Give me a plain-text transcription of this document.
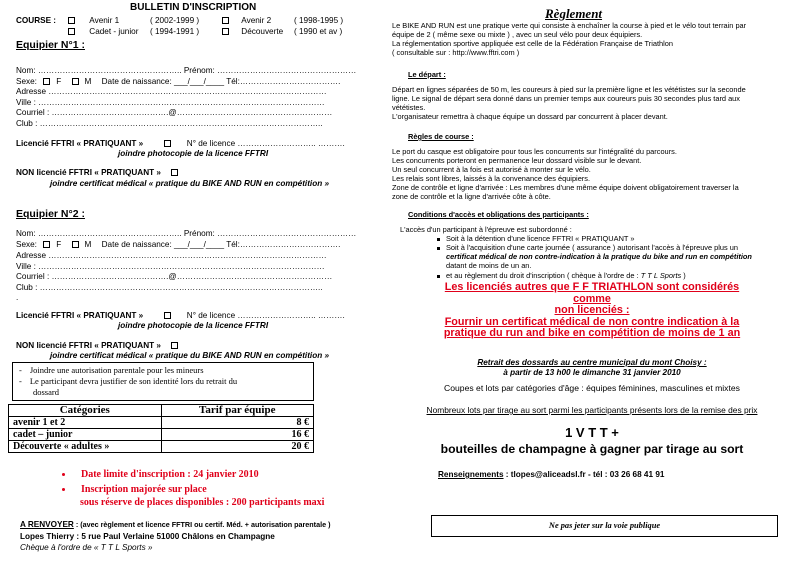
BULLETIN D'INSCRIPTION
COURSE :	Avenir 1	( 2002-1999 )	Avenir 2	( 1998-1995 )
Cadet - junior ( 1994-1991 )	Découverte ( 1990 et av )
Equipier N°1 :
Nom: …………………………………………….. Prénom: ……………………………………………
Sexe: F	M Date de naissance: ___/___/____ Tél:……………………………….
Adresse …………………………………………………………………………………………
Ville : ……………………………………………………………………………………………
Courriel : …………………………………….@…………………………………………………
Club : …………………………………………………………………………………………..
Licencié FFTRI « PRATIQUANT »	N° de licence ……………………….. ……….
joindre photocopie de la licence FFTRI
NON licencié FFTRI « PRATIQUANT »
joindre certificat médical « pratique du BIKE AND RUN en compétition »
Equipier N°2 :
Nom: …………………………………………….. Prénom: ……………………………………………
Sexe: F	M Date de naissance: ___/___/____ Tél:……………………………….
Adresse …………………………………………………………………………………………
Ville : ……………………………………………………………………………………………
Courriel : …………………………………….@…………………………………………………
Club : …………………………………………………………………………………………..
.
Licencié FFTRI « PRATIQUANT »	N° de licence ……………………….. ……….
joindre photocopie de la licence FFTRI
NON licencié FFTRI « PRATIQUANT »
joindre certificat médical « pratique du BIKE AND RUN en compétition »
- Joindre une autorisation parentale pour les mineurs
- Le participant devra justifier de son identité lors du retrait du
dossard
Catégories	Tarif par équipe
avenir 1 et 2	8 €
cadet – junior	16 €
Découverte « adultes »	20 €
Date limite d'inscription : 24 janvier 2010
Inscription majorée sur place
sous réserve de places disponibles : 200 participants maxi
A RENVOYER : (avec règlement et licence FFTRI ou certif. Méd. + autorisation parentale )
Lopes Thierry : 5 rue Paul Verlaine 51000 Châlons en Champagne
Chèque à l'ordre de « T T L Sports »
Règlement
Le BIKE AND RUN est une pratique verte qui consiste à enchaîner la course à pied et le vélo tout terrain par
équipe de 2 ( même sexe ou mixte ) , avec un seul vélo pour deux équipiers.
La réglementation sportive appliquée est celle de la Fédération Française de Triathlon
( consultable sur : http://www.fftri.com )
Le départ :
Départ en lignes séparées de 50 m, les coureurs à pied sur la première ligne et les vététistes sur la seconde
ligne. Le signal de départ sera donné dans un premier temps aux coureurs puis 30 secondes plus tard aux
vététistes.
L'organisateur remettra à chaque équipe un dossard par concurrent à placer devant.
Règles de course :
Le port du casque est obligatoire pour tous les concurrents sur l'intégralité du parcours.
Les concurrents porteront en permanence leur dossard visible sur le devant.
Un seul concurrent à la fois est autorisé à monter sur le vélo.
Les relais sont libres, laissés à la convenance des équipiers.
Zone de contrôle et ligne d'arrivée : Les membres d'une même équipe doivent obligatoirement traverser la
zone de contrôle et la ligne d'arrivée côte à côte.
Conditions d'accès et obligations des participants :
L'accès d'un participant à l'épreuve est subordonné :
Soit à la détention d'une licence FFTRI « PRATIQUANT »
Soit à l'acquisition d'une carte journée ( assurance ) autorisant l'accès à l'épreuve plus un
certificat médical de non contre-indication à la pratique du bike and run en compétition
datant de moins de un an.
et au règlement du droit d'inscription ( chèque à l'ordre de : T T L Sports )
Les licenciés autres que F F TRIATHLON sont considérés
comme
non licenciés :
Fournir un certificat médical de non contre indication à la
pratique du run and bike en compétition de moins de 1 an
Retrait des dossards au centre municipal du mont Choisy :
à partir de 13 h00 le dimanche 31 janvier 2010
Coupes et lots par catégories d'âge : équipes féminines, masculines et mixtes
Nombreux lots par tirage au sort parmi les participants présents lors de la remise des prix
1 V T T +
bouteilles de champagne à gagner par tirage au sort
Renseignements : tlopes@aliceadsl.fr - tél : 03 26 68 41 91
Ne pas jeter sur la voie publique
